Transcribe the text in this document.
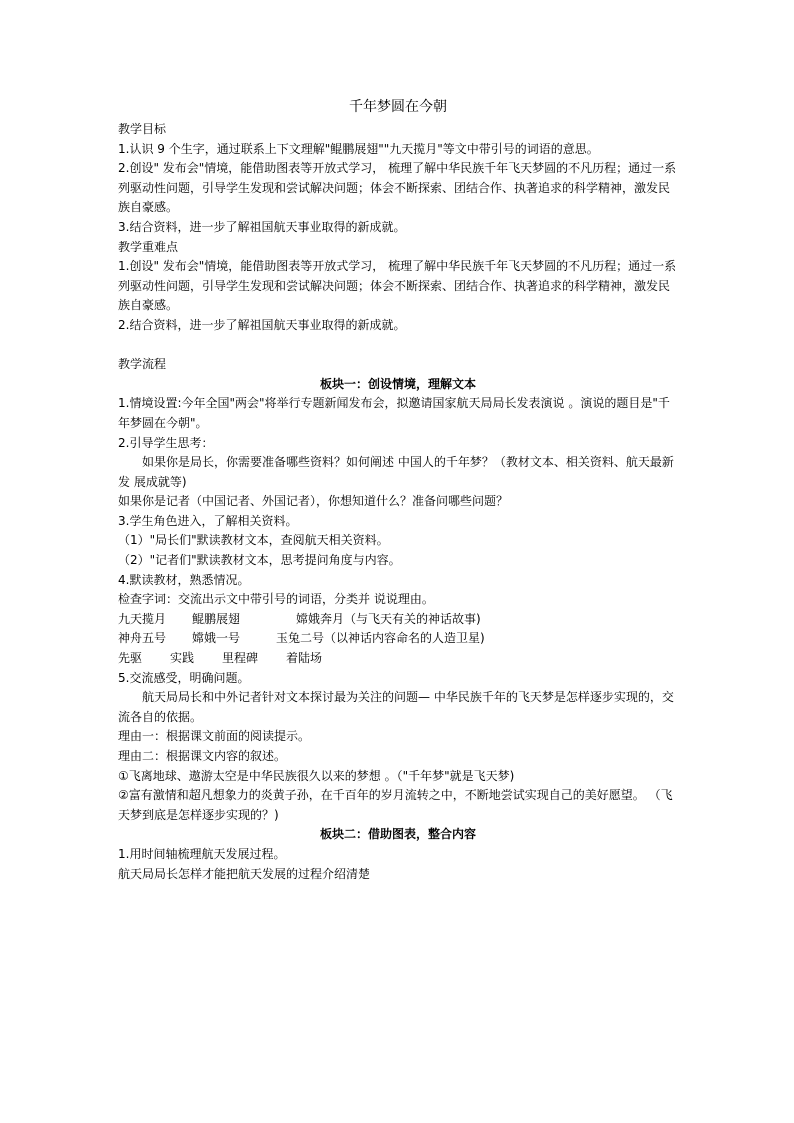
千年梦圆在今朝

教学目标

1.认识 9 个生字，通过联系上下文理解"鲲鹏展翅""九天揽月"等文中带引号的词语的意思。

2.创设" 发布会"情境，能借助图表等开放式学习， 梳理了解中华民族千年飞天梦圆的不凡历程；通过一系列驱动性问题，引导学生发现和尝试解决问题；体会不断探索、团结合作、执著追求的科学精神，激发民族自豪感。

3.结合资料，进一步了解祖国航天事业取得的新成就。

教学重难点

1.创设" 发布会"情境，能借助图表等开放式学习， 梳理了解中华民族千年飞天梦圆的不凡历程；通过一系列驱动性问题，引导学生发现和尝试解决问题；体会不断探索、团结合作、执著追求的科学精神，激发民族自豪感。

2.结合资料，进一步了解祖国航天事业取得的新成就。

教学流程

板块一：创设情境，理解文本

1.情境设置:今年全国"两会"将举行专题新闻发布会，拟邀请国家航天局局长发表演说 。演说的题目是"千年梦圆在今朝"。

2.引导学生思考：

如果你是局长，你需要准备哪些资料？如何阐述 中国人的千年梦？（教材文本、相关资料、航天最新发 展成就等)

如果你是记者（中国记者、外国记者），你想知道什么？准备问哪些问题？

3.学生角色进入，了解相关资料。

（1）"局长们"默读教材文本，查阅航天相关资料。

（2）"记者们"默读教材文本，思考提问角度与内容。

4.默读教材，熟悉情况。

检查字词：交流出示文中带引号的词语，分类并 说说理由。

九天揽月	鲲鹏展翅	嫦娥奔月（与飞天有关的神话故事)
神舟五号	嫦娥一号	玉兔二号（以神话内容命名的人造卫星)
先驱	实践	里程碑	着陆场

5.交流感受，明确问题。

航天局局长和中外记者针对文本探讨最为关注的问题— 中华民族千年的飞天梦是怎样逐步实现的，交流各自的依据。

理由一：根据课文前面的阅读提示。

理由二：根据课文内容的叙述。

①飞离地球、遨游太空是中华民族很久以来的梦想 。（"千年梦"就是飞天梦)

②富有激情和超凡想象力的炎黄子孙，在千百年的岁月流转之中，不断地尝试实现自己的美好愿望。 （飞天梦到底是怎样逐步实现的？)

板块二：借助图表，整合内容

1.用时间轴梳理航天发展过程。

航天局局长怎样才能把航天发展的过程介绍清楚
